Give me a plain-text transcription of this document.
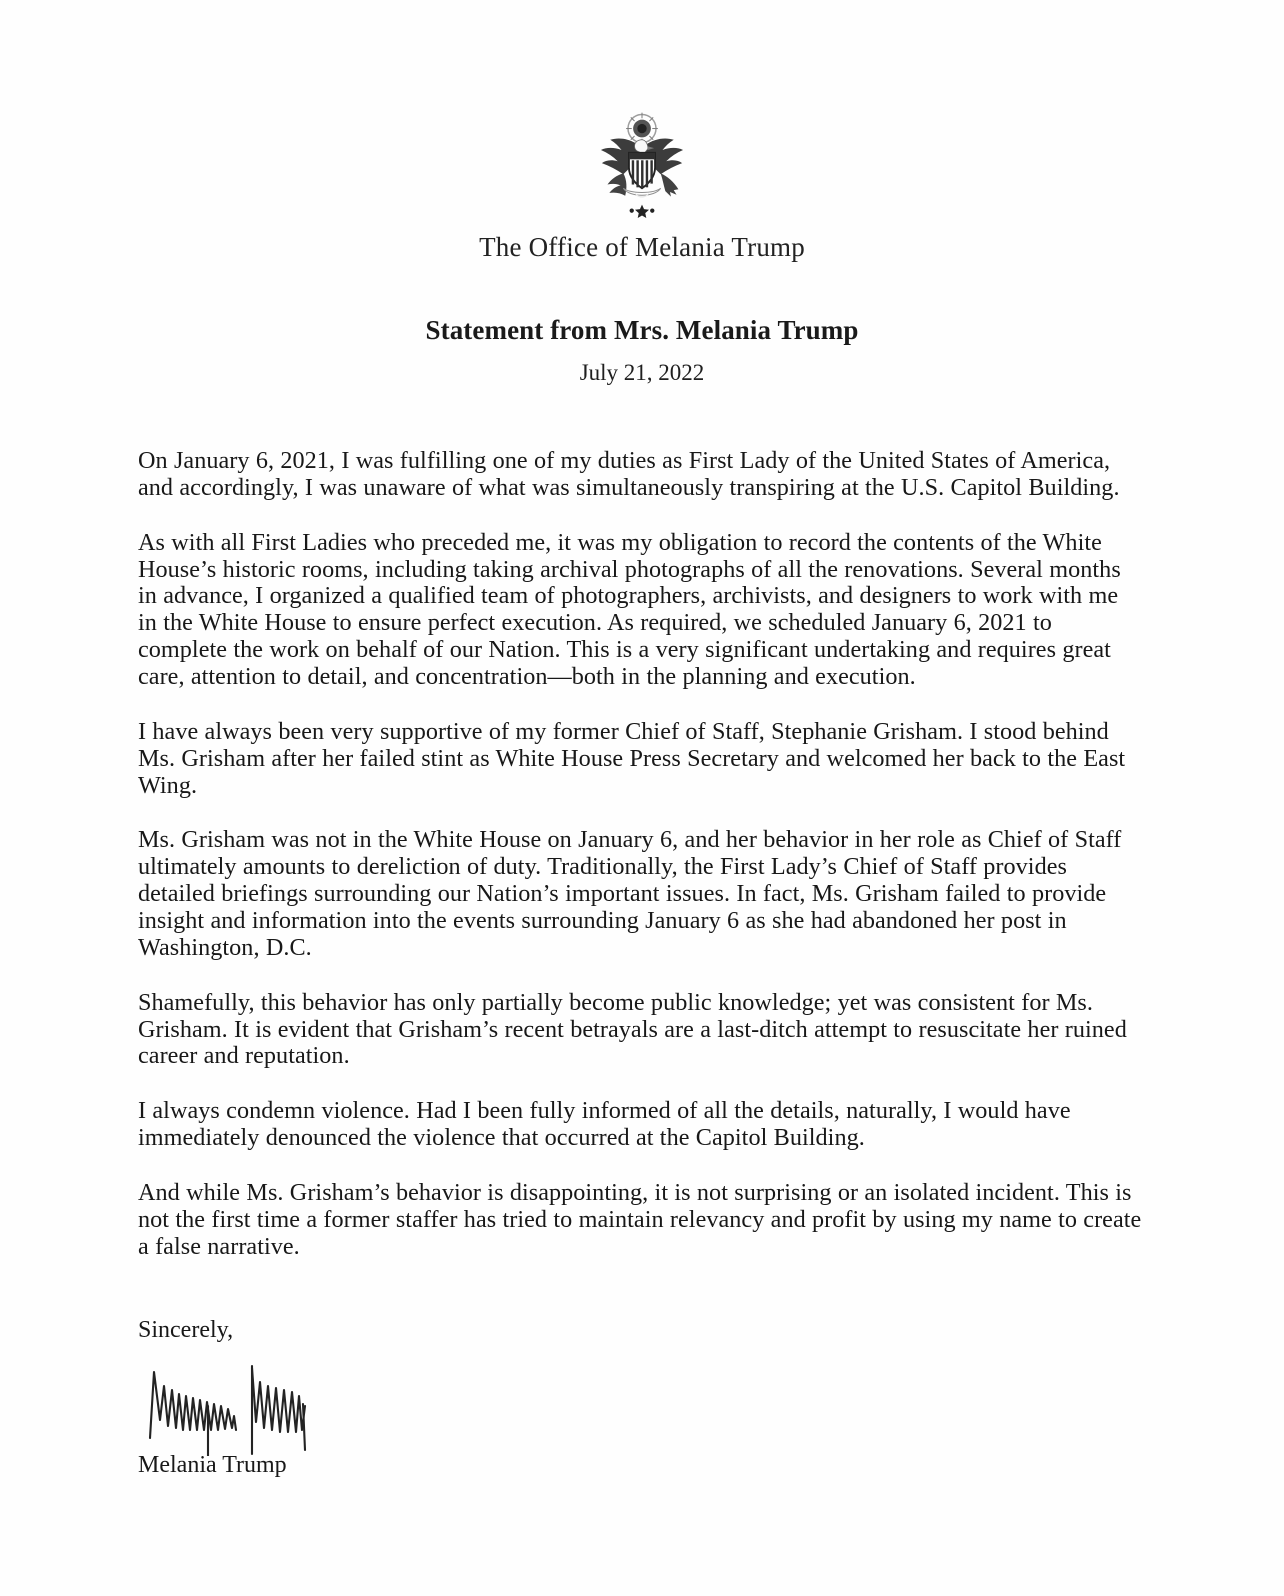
The Office of Melania Trump
Statement from Mrs. Melania Trump
July 21, 2022

On January 6, 2021, I was fulfilling one of my duties as First Lady of the United States of America, and accordingly, I was unaware of what was simultaneously transpiring at the U.S. Capitol Building.

As with all First Ladies who preceded me, it was my obligation to record the contents of the White House’s historic rooms, including taking archival photographs of all the renovations. Several months in advance, I organized a qualified team of photographers, archivists, and designers to work with me in the White House to ensure perfect execution. As required, we scheduled January 6, 2021 to complete the work on behalf of our Nation. This is a very significant undertaking and requires great care, attention to detail, and concentration—both in the planning and execution.

I have always been very supportive of my former Chief of Staff, Stephanie Grisham. I stood behind Ms. Grisham after her failed stint as White House Press Secretary and welcomed her back to the East Wing.

Ms. Grisham was not in the White House on January 6, and her behavior in her role as Chief of Staff ultimately amounts to dereliction of duty. Traditionally, the First Lady’s Chief of Staff provides detailed briefings surrounding our Nation’s important issues. In fact, Ms. Grisham failed to provide insight and information into the events surrounding January 6 as she had abandoned her post in Washington, D.C.

Shamefully, this behavior has only partially become public knowledge; yet was consistent for Ms. Grisham. It is evident that Grisham’s recent betrayals are a last-ditch attempt to resuscitate her ruined career and reputation.

I always condemn violence. Had I been fully informed of all the details, naturally, I would have immediately denounced the violence that occurred at the Capitol Building.

And while Ms. Grisham’s behavior is disappointing, it is not surprising or an isolated incident. This is not the first time a former staffer has tried to maintain relevancy and profit by using my name to create a false narrative.

Sincerely,
Melania Trump
